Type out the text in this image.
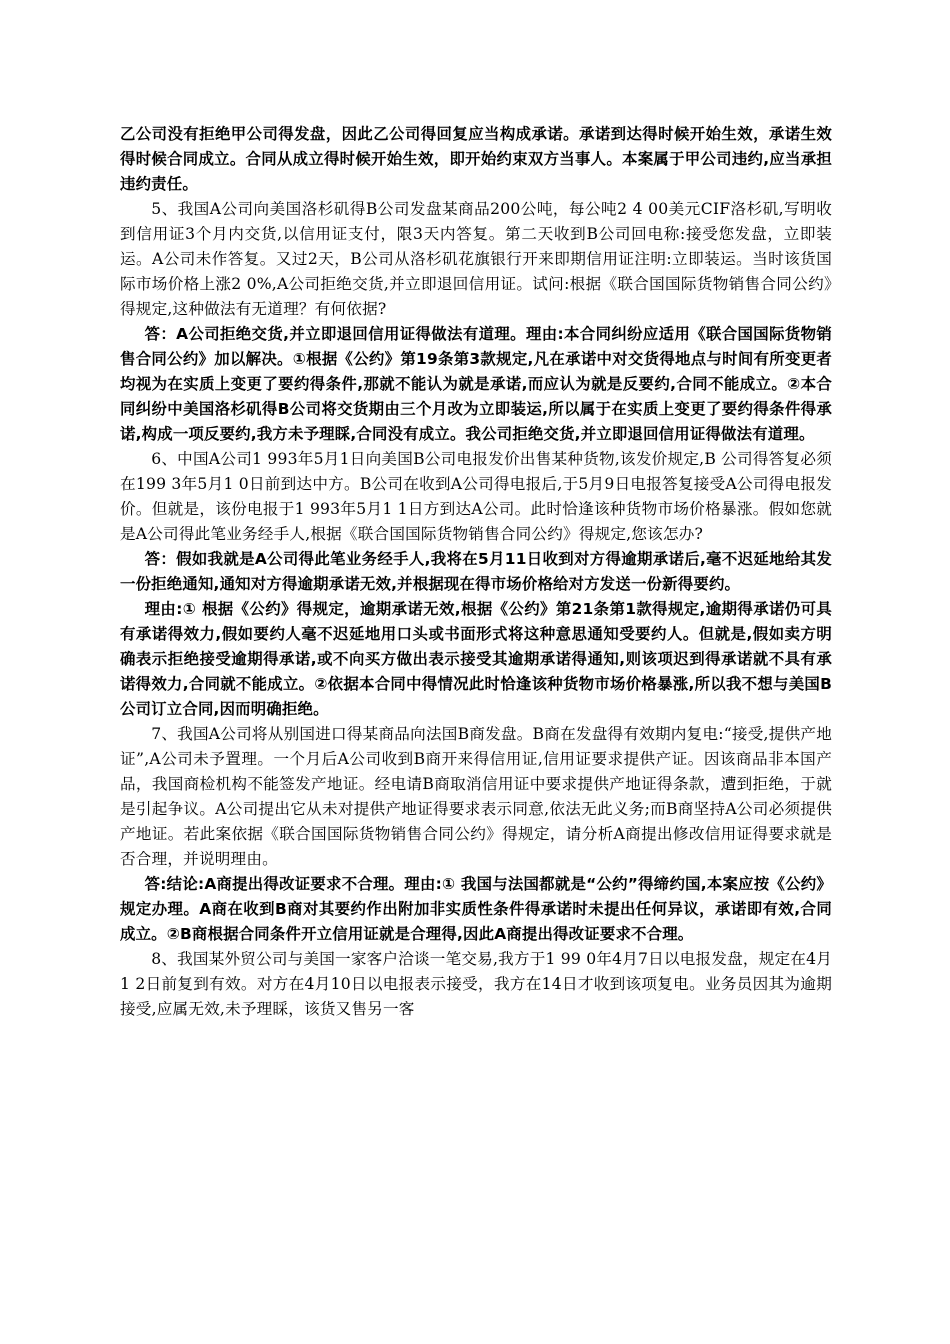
乙公司没有拒绝甲公司得发盘，因此乙公司得回复应当构成承诺。承诺到达得时候开始生效，承诺生效得时候合同成立。合同从成立得时候开始生效，即开始约束双方当事人。本案属于甲公司违约,应当承担违约责任。

5、我国A公司向美国洛杉矶得B公司发盘某商品200公吨，每公吨2 4 00美元CIF洛杉矶,写明收到信用证3个月内交货,以信用证支付，限3天内答复。第二天收到B公司回电称:接受您发盘，立即装运。A公司未作答复。又过2天，B公司从洛杉矶花旗银行开来即期信用证注明:立即装运。当时该货国际市场价格上涨2 0%,A公司拒绝交货,并立即退回信用证。试问:根据《联合国国际货物销售合同公约》得规定,这种做法有无道理？有何依据?

答：A公司拒绝交货,并立即退回信用证得做法有道理。理由:本合同纠纷应适用《联合国国际货物销售合同公约》加以解决。①根据《公约》第19条第3款规定,凡在承诺中对交货得地点与时间有所变更者均视为在实质上变更了要约得条件,那就不能认为就是承诺,而应认为就是反要约,合同不能成立。②本合同纠纷中美国洛杉矶得B公司将交货期由三个月改为立即装运,所以属于在实质上变更了要约得条件得承诺,构成一项反要约,我方未予理睬,合同没有成立。我公司拒绝交货,并立即退回信用证得做法有道理。

6、中国A公司1 993年5月1日向美国B公司电报发价出售某种货物,该发价规定,B 公司得答复必须在199 3年5月1 0日前到达中方。B公司在收到A公司得电报后,于5月9日电报答复接受A公司得电报发价。但就是，该份电报于1 993年5月1 1日方到达A公司。此时恰逢该种货物市场价格暴涨。假如您就是A公司得此笔业务经手人,根据《联合国国际货物销售合同公约》得规定,您该怎办?

答：假如我就是A公司得此笔业务经手人,我将在5月11日收到对方得逾期承诺后,毫不迟延地给其发一份拒绝通知,通知对方得逾期承诺无效,并根据现在得市场价格给对方发送一份新得要约。

理由:① 根据《公约》得规定，逾期承诺无效,根据《公约》第21条第1款得规定,逾期得承诺仍可具有承诺得效力,假如要约人毫不迟延地用口头或书面形式将这种意思通知受要约人。但就是,假如卖方明确表示拒绝接受逾期得承诺,或不向买方做出表示接受其逾期承诺得通知,则该项迟到得承诺就不具有承诺得效力,合同就不能成立。②依据本合同中得情况此时恰逢该种货物市场价格暴涨,所以我不想与美国B公司订立合同,因而明确拒绝。

7、我国A公司将从别国进口得某商品向法国B商发盘。B商在发盘得有效期内复电:“接受,提供产地证”,A公司未予置理。一个月后A公司收到B商开来得信用证,信用证要求提供产证。因该商品非本国产品，我国商检机构不能签发产地证。经电请B商取消信用证中要求提供产地证得条款，遭到拒绝，于就是引起争议。A公司提出它从未对提供产地证得要求表示同意,依法无此义务;而B商坚持A公司必须提供产地证。若此案依据《联合国国际货物销售合同公约》得规定，请分析A商提出修改信用证得要求就是否合理，并说明理由。

答:结论:A商提出得改证要求不合理。理由:① 我国与法国都就是“公约”得缔约国,本案应按《公约》规定办理。A商在收到B商对其要约作出附加非实质性条件得承诺时未提出任何异议，承诺即有效,合同成立。②B商根据合同条件开立信用证就是合理得,因此A商提出得改证要求不合理。

8、我国某外贸公司与美国一家客户洽谈一笔交易,我方于1 99 0年4月7日以电报发盘，规定在4月1 2日前复到有效。对方在4月10日以电报表示接受，我方在14日才收到该项复电。业务员因其为逾期接受,应属无效,未予理睬，该货又售另一客
